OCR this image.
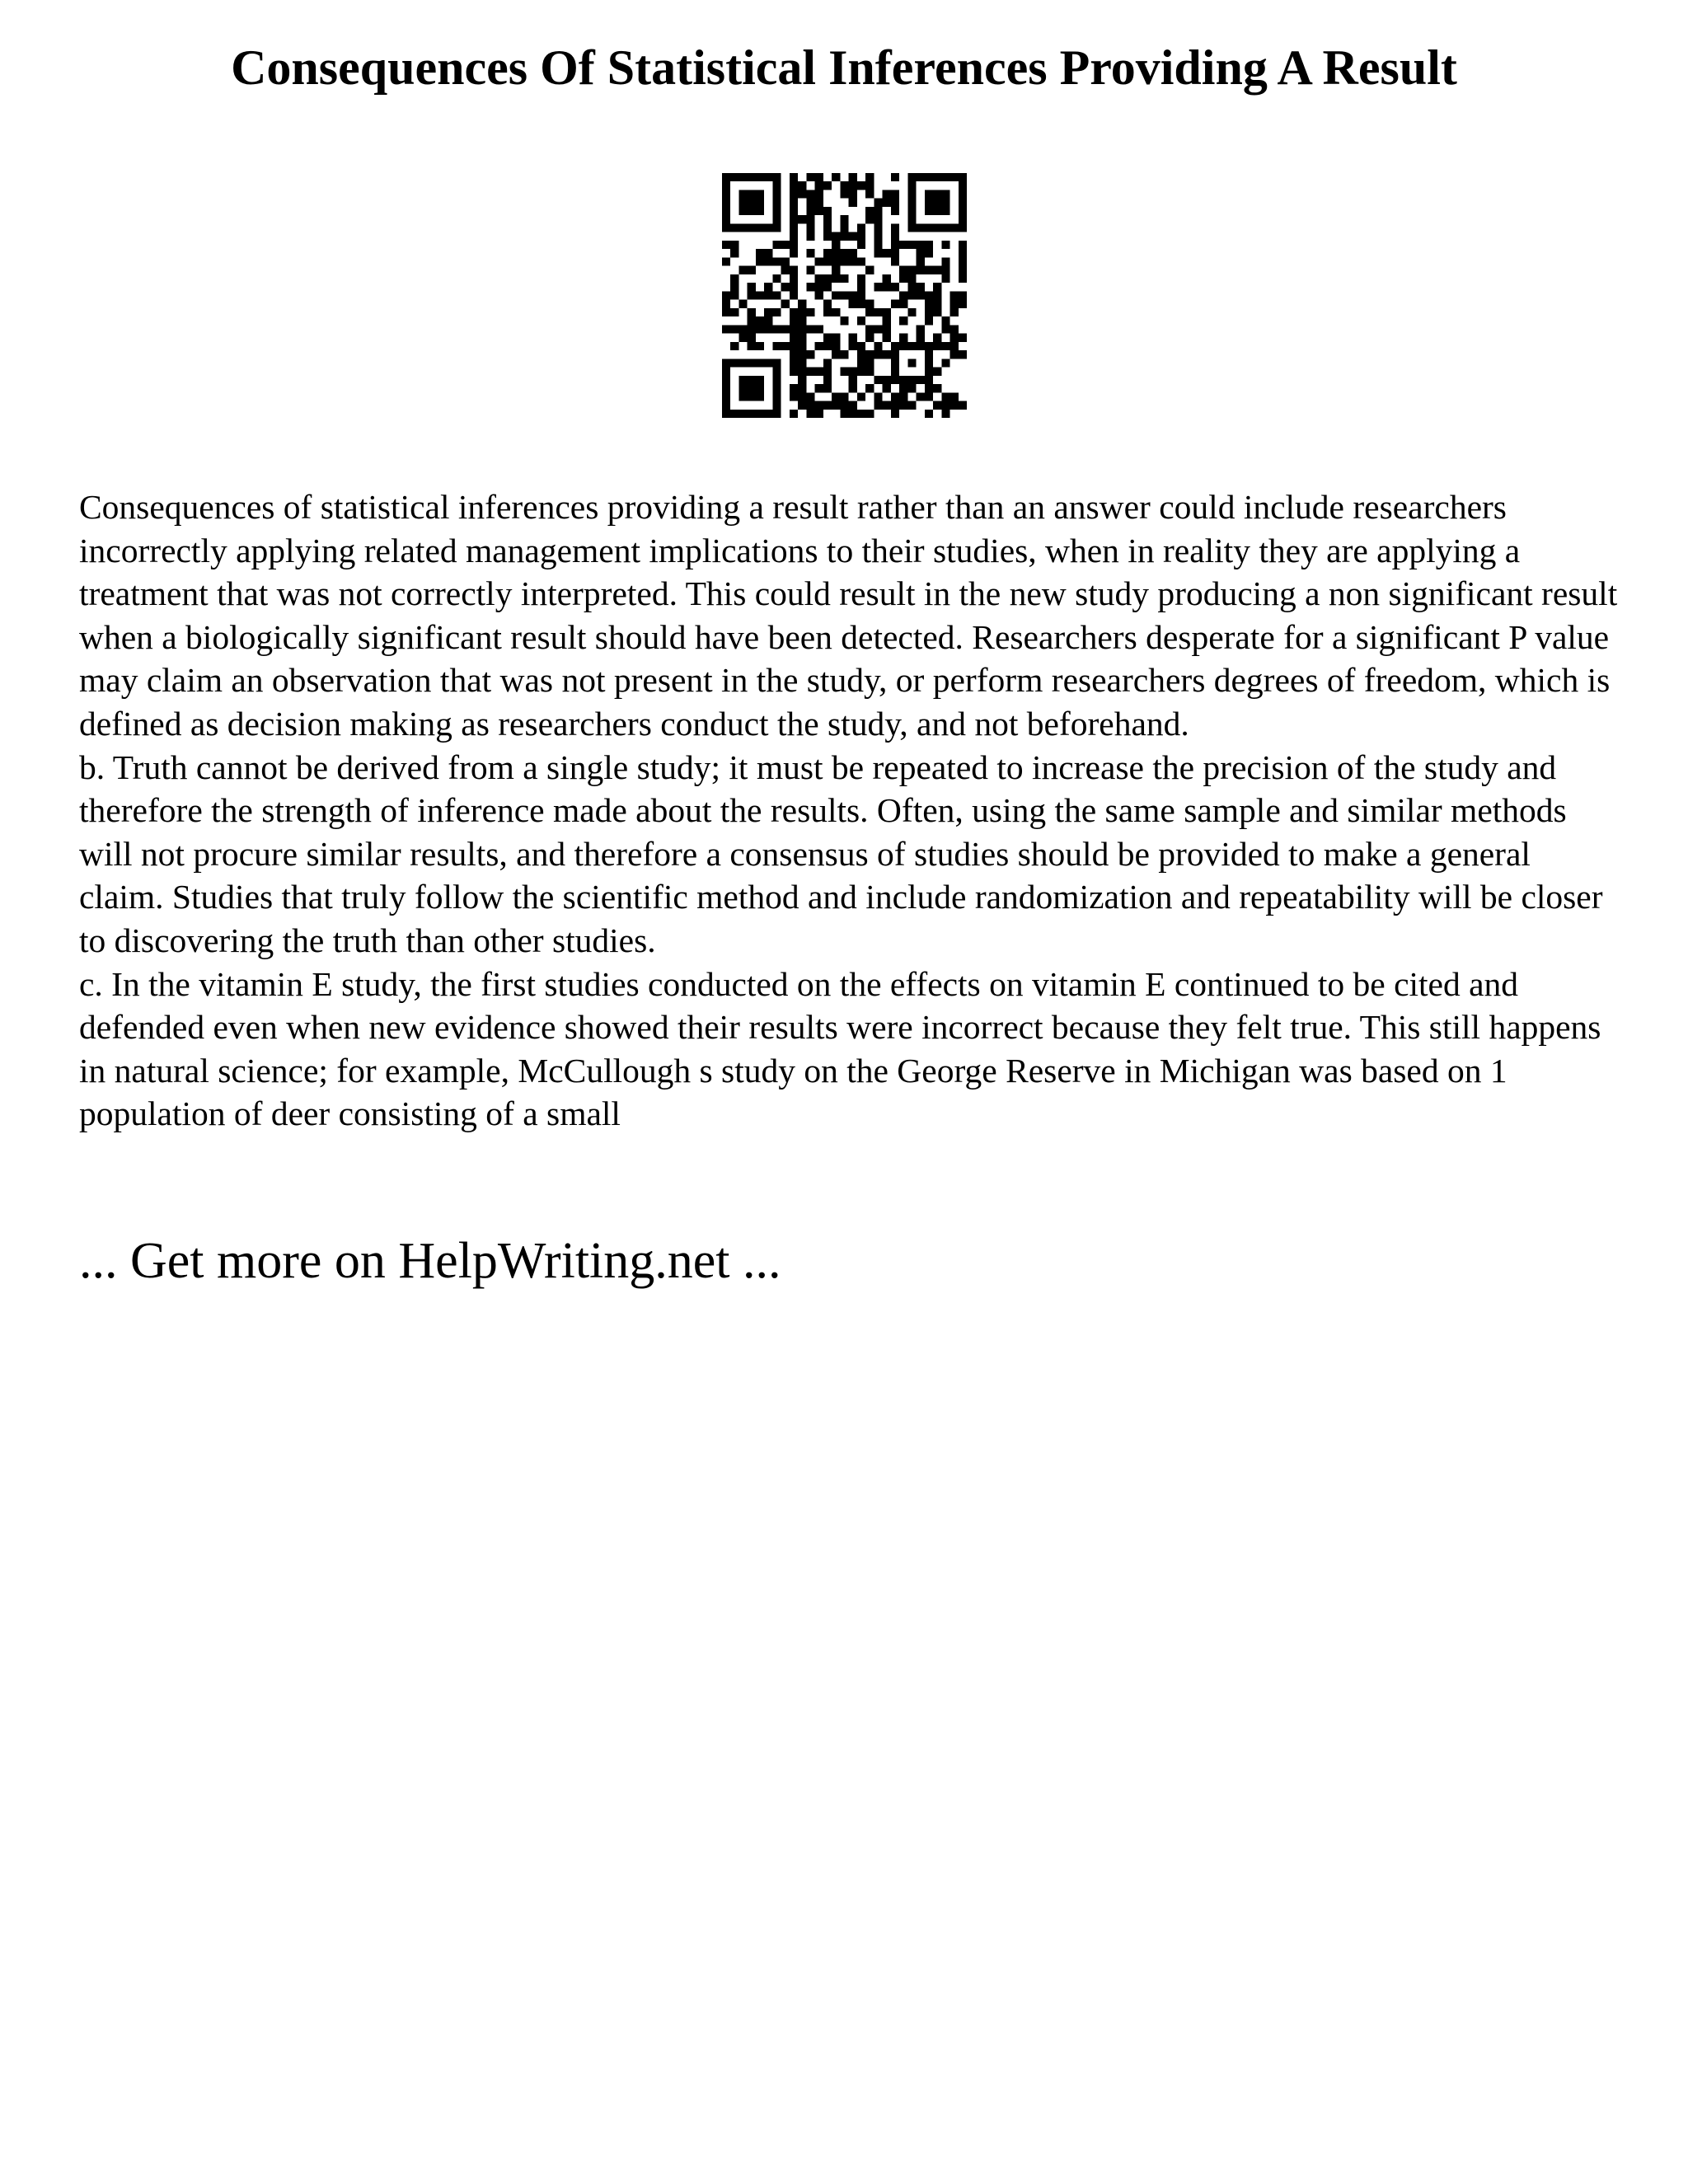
Consequences Of Statistical Inferences Providing A Result

Consequences of statistical inferences providing a result rather than an answer could include researchers incorrectly applying related management implications to their studies, when in reality they are applying a treatment that was not correctly interpreted. This could result in the new study producing a non significant result when a biologically significant result should have been detected. Researchers desperate for a significant P value may claim an observation that was not present in the study, or perform researchers degrees of freedom, which is defined as decision making as researchers conduct the study, and not beforehand.

b. Truth cannot be derived from a single study; it must be repeated to increase the precision of the study and therefore the strength of inference made about the results. Often, using the same sample and similar methods will not procure similar results, and therefore a consensus of studies should be provided to make a general claim. Studies that truly follow the scientific method and include randomization and repeatability will be closer to discovering the truth than other studies.

c. In the vitamin E study, the first studies conducted on the effects on vitamin E continued to be cited and defended even when new evidence showed their results were incorrect because they felt true. This still happens in natural science; for example, McCullough s study on the George Reserve in Michigan was based on 1 population of deer consisting of a small

... Get more on HelpWriting.net ...
